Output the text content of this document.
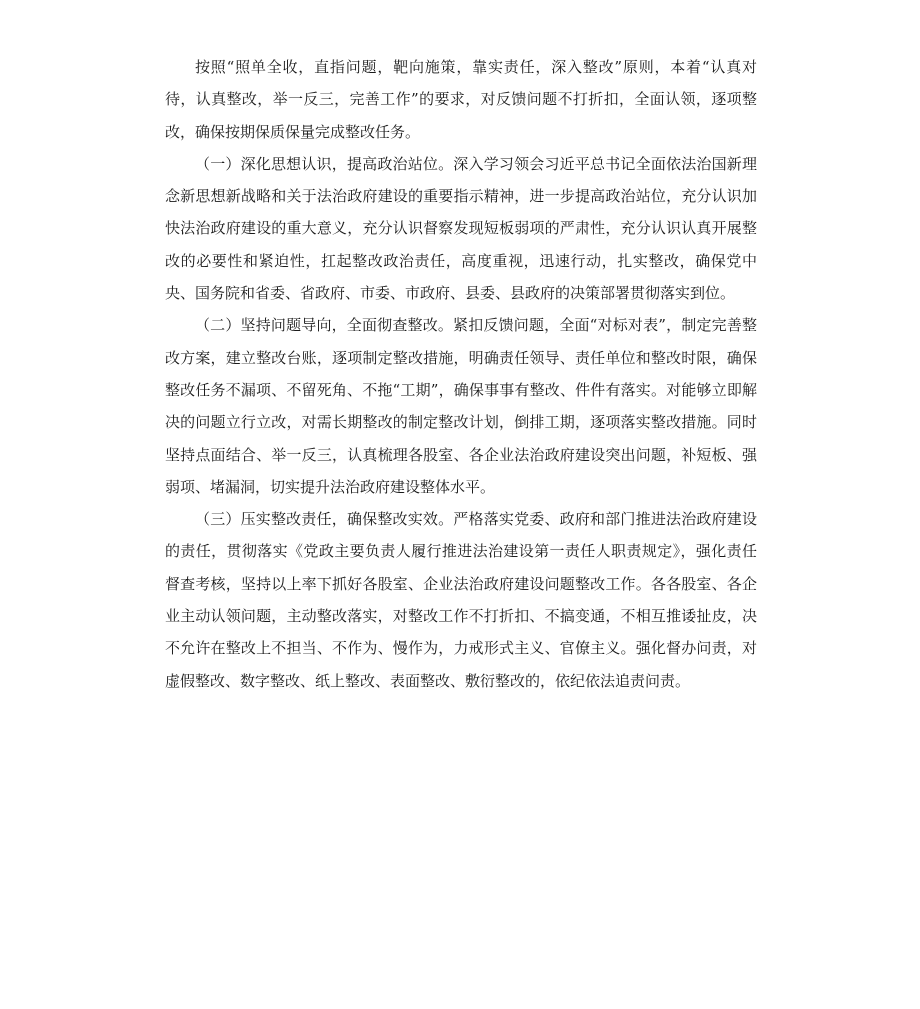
按照“照单全收，直指问题，靶向施策，靠实责任，深入整改”原则，本着“认真对待，认真整改，举一反三，完善工作”的要求，对反馈问题不打折扣，全面认领，逐项整改，确保按期保质保量完成整改任务。

（一）深化思想认识，提高政治站位。深入学习领会习近平总书记全面依法治国新理念新思想新战略和关于法治政府建设的重要指示精神，进一步提高政治站位，充分认识加快法治政府建设的重大意义，充分认识督察发现短板弱项的严肃性，充分认识认真开展整改的必要性和紧迫性，扛起整改政治责任，高度重视，迅速行动，扎实整改，确保党中央、国务院和省委、省政府、市委、市政府、县委、县政府的决策部署贯彻落实到位。

（二）坚持问题导向，全面彻查整改。紧扣反馈问题，全面“对标对表”，制定完善整改方案，建立整改台账，逐项制定整改措施，明确责任领导、责任单位和整改时限，确保整改任务不漏项、不留死角、不拖“工期”，确保事事有整改、件件有落实。对能够立即解决的问题立行立改，对需长期整改的制定整改计划，倒排工期，逐项落实整改措施。同时坚持点面结合、举一反三，认真梳理各股室、各企业法治政府建设突出问题，补短板、强弱项、堵漏洞，切实提升法治政府建设整体水平。

（三）压实整改责任，确保整改实效。严格落实党委、政府和部门推进法治政府建设的责任，贯彻落实《党政主要负责人履行推进法治建设第一责任人职责规定》，强化责任督查考核，坚持以上率下抓好各股室、企业法治政府建设问题整改工作。各各股室、各企业主动认领问题，主动整改落实，对整改工作不打折扣、不搞变通，不相互推诿扯皮，决不允许在整改上不担当、不作为、慢作为，力戒形式主义、官僚主义。强化督办问责，对虚假整改、数字整改、纸上整改、表面整改、敷衍整改的，依纪依法追责问责。
